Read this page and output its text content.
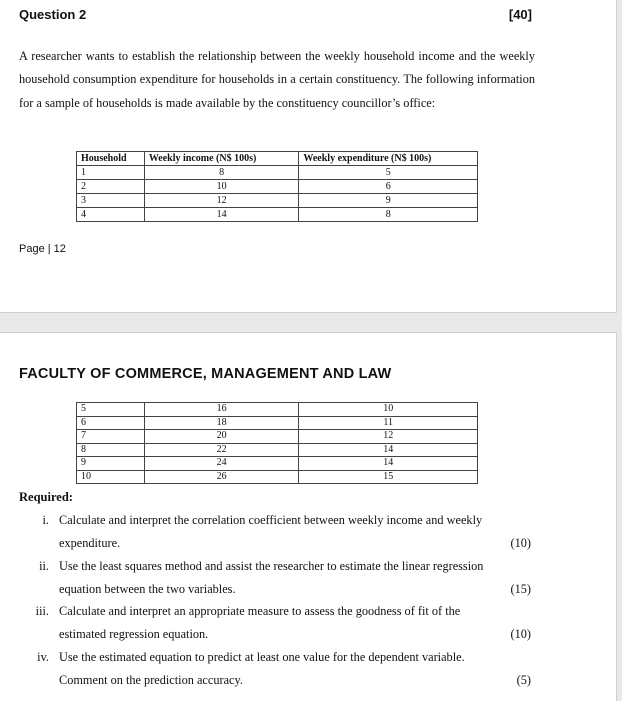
Question 2	[40]
A researcher wants to establish the relationship between the weekly household income and the weekly household consumption expenditure for households in a certain constituency. The following information for a sample of households is made available by the constituency councillor’s office:
Household	Weekly income (N$ 100s)	Weekly expenditure (N$ 100s)
1	8	5
2	10	6
3	12	9
4	14	8
Page | 12
FACULTY OF COMMERCE, MANAGEMENT AND LAW
5	16	10
6	18	11
7	20	12
8	22	14
9	24	14
10	26	15
Required:
i. Calculate and interpret the correlation coefficient between weekly income and weekly
expenditure.	(10)
ii. Use the least squares method and assist the researcher to estimate the linear regression
equation between the two variables.	(15)
iii. Calculate and interpret an appropriate measure to assess the goodness of fit of the
estimated regression equation.	(10)
iv. Use the estimated equation to predict at least one value for the dependent variable.
Comment on the prediction accuracy.	(5)
